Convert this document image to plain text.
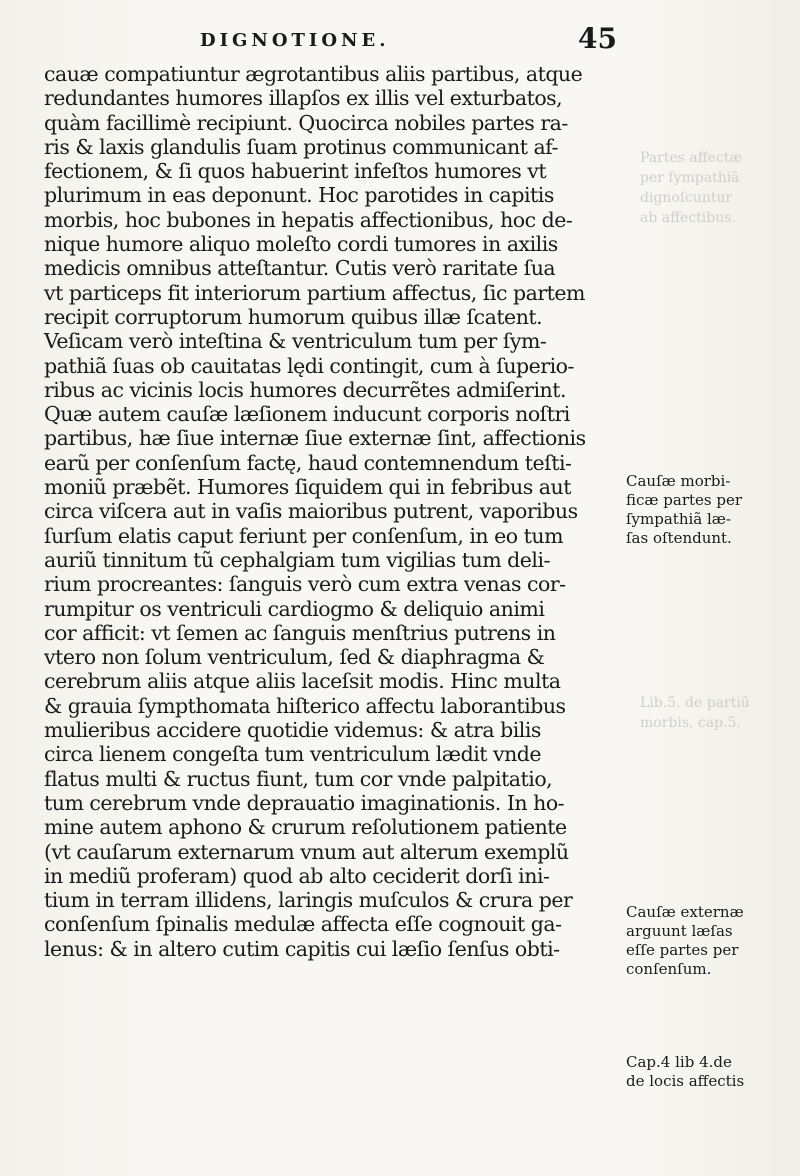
DIGNOTIONE.	45
cauæ compatiuntur ægrotantibus aliis partibus, atque
redundantes humores illapſos ex illis vel exturbatos,
quàm facillimè recipiunt. Quocirca nobiles partes ra-
ris & laxis glandulis ſuam protinus communicant af-
fectionem, & ſi quos habuerint infeſtos humores vt
plurimum in eas deponunt. Hoc parotides in capitis
morbis, hoc bubones in hepatis affectionibus, hoc de-
nique humore aliquo moleſto cordi tumores in axilis
medicis omnibus atteſtantur. Cutis verò raritate ſua
vt particeps fit interiorum partium affectus, ſic partem
recipit corruptorum humorum quibus illæ ſcatent.
Veſicam verò inteſtina & ventriculum tum per ſym-
pathiã ſuas ob cauitatas lędi contingit, cum à ſuperio-
ribus ac vicinis locis humores decurrẽtes admiſerint.
Quæ autem cauſæ læſionem inducunt corporis noſtri
partibus, hæ ſiue internæ ſiue externæ ſint, affectionis
earũ per conſenſum factę, haud contemnendum teſti-
moniũ præbẽt. Humores ſiquidem qui in febribus aut
circa viſcera aut in vaſis maioribus putrent, vaporibus
ſurſum elatis caput feriunt per conſenſum, in eo tum
auriũ tinnitum tũ cephalgiam tum vigilias tum deli-
rium procreantes: ſanguis verò cum extra venas cor-
rumpitur os ventriculi cardiogmo & deliquio animi
cor afficit: vt ſemen ac ſanguis menſtrius putrens in
vtero non ſolum ventriculum, ſed & diaphragma &
cerebrum aliis atque aliis laceſsit modis. Hinc multa
& grauia ſympthomata hiſterico affectu laborantibus
mulieribus accidere quotidie videmus: & atra bilis
circa lienem congeſta tum ventriculum lædit vnde
flatus multi & ructus fiunt, tum cor vnde palpitatio,
tum cerebrum vnde deprauatio imaginationis. In ho-
mine autem aphono & crurum reſolutionem patiente
(vt cauſarum externarum vnum aut alterum exemplũ
in mediũ proferam) quod ab alto ceciderit dorſi ini-
tium in terram illidens, laringis muſculos & crura per
conſenſum ſpinalis medulæ affecta eſſe cognouit ga-
lenus: & in altero cutim capitis cui læſio ſenſus obti-
Cauſæ morbi-
ficæ partes per
ſympathiã læ-
ſas oſtendunt.
Cauſæ externæ
arguunt læſas
eſſe partes per
conſenſum.
Cap.4 lib 4.de
de locis affectis
Partes affectæ
per ſympathiã
dignoſcuntur
ab affectibus.
Lib.5. de partiũ
morbis, cap.5.
